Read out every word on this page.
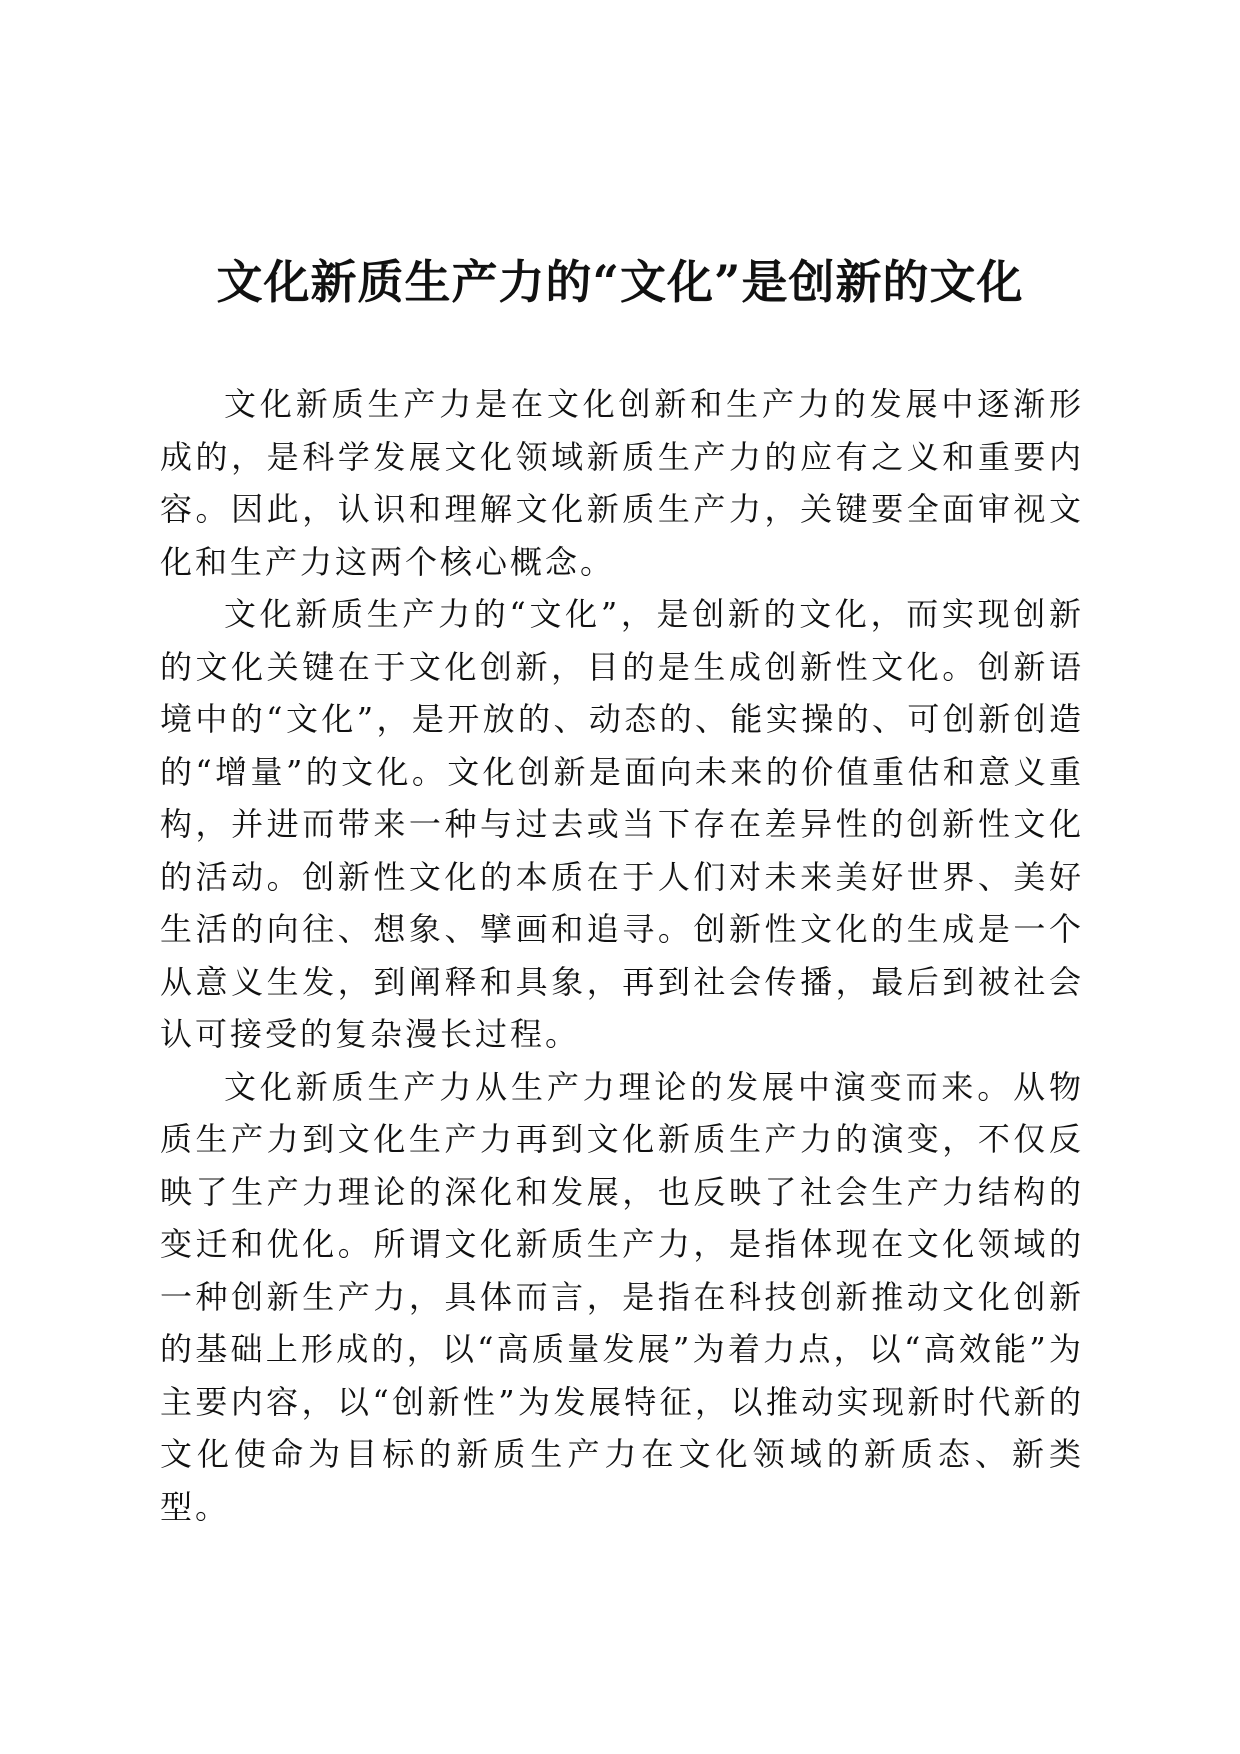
文化新质生产力的“文化”是创新的文化

文化新质生产力是在文化创新和生产力的发展中逐渐形成的，是科学发展文化领域新质生产力的应有之义和重要内容。因此，认识和理解文化新质生产力，关键要全面审视文化和生产力这两个核心概念。

文化新质生产力的“文化”，是创新的文化，而实现创新的文化关键在于文化创新，目的是生成创新性文化。创新语境中的“文化”，是开放的、动态的、能实操的、可创新创造的“增量”的文化。文化创新是面向未来的价值重估和意义重构，并进而带来一种与过去或当下存在差异性的创新性文化的活动。创新性文化的本质在于人们对未来美好世界、美好生活的向往、想象、擘画和追寻。创新性文化的生成是一个从意义生发，到阐释和具象，再到社会传播，最后到被社会认可接受的复杂漫长过程。

文化新质生产力从生产力理论的发展中演变而来。从物质生产力到文化生产力再到文化新质生产力的演变，不仅反映了生产力理论的深化和发展，也反映了社会生产力结构的变迁和优化。所谓文化新质生产力，是指体现在文化领域的一种创新生产力，具体而言，是指在科技创新推动文化创新的基础上形成的，以“高质量发展”为着力点，以“高效能”为主要内容，以“创新性”为发展特征，以推动实现新时代新的文化使命为目标的新质生产力在文化领域的新质态、新类型。
